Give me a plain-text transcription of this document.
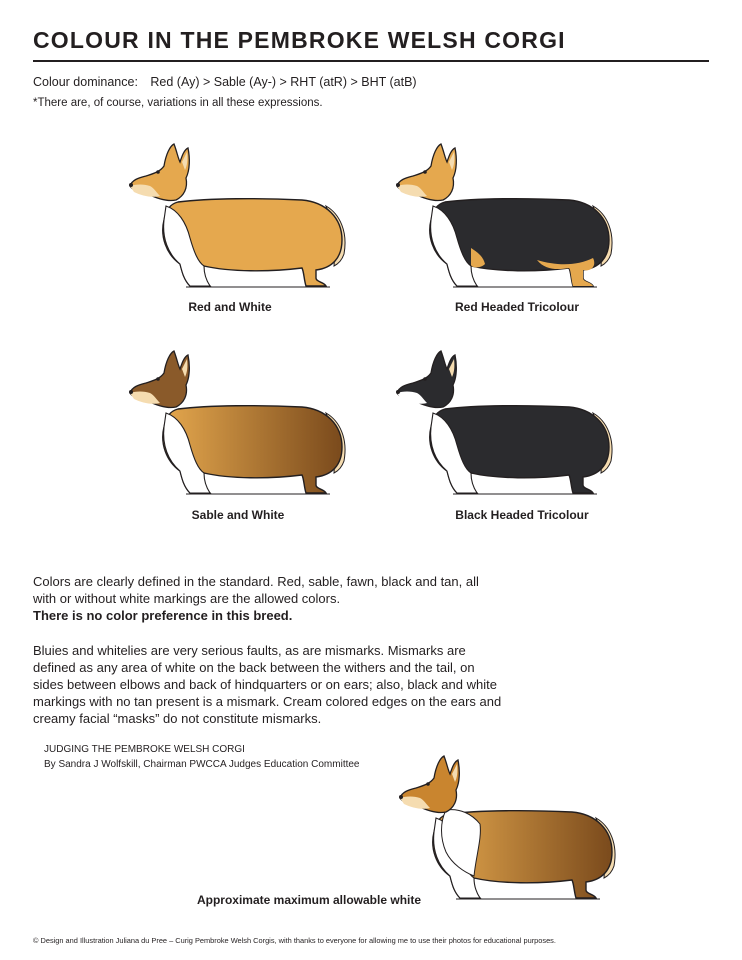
COLOUR IN THE PEMBROKE WELSH CORGI
Colour dominance: Red (Ay) > Sable (Ay-) > RHT (atR) > BHT (atB)
*There are, of course, variations in all these expressions.
Red and White	Red Headed Tricolour
Sable and White	Black Headed Tricolour

Colors are clearly defined in the standard. Red, sable, fawn, black and tan, all with or without white markings are the allowed colors.
There is no color preference in this breed.

Bluies and whitelies are very serious faults, as are mismarks. Mismarks are defined as any area of white on the back between the withers and the tail, on sides between elbows and back of hindquarters or on ears; also, black and white markings with no tan present is a mismark. Cream colored edges on the ears and creamy facial “masks” do not constitute mismarks.

JUDGING THE PEMBROKE WELSH CORGI
By Sandra J Wolfskill, Chairman PWCCA Judges Education Committee
Approximate maximum allowable white
© Design and Illustration Juliana du Pree – Curig Pembroke Welsh Corgis, with thanks to everyone for allowing me to use their photos for educational purposes.
